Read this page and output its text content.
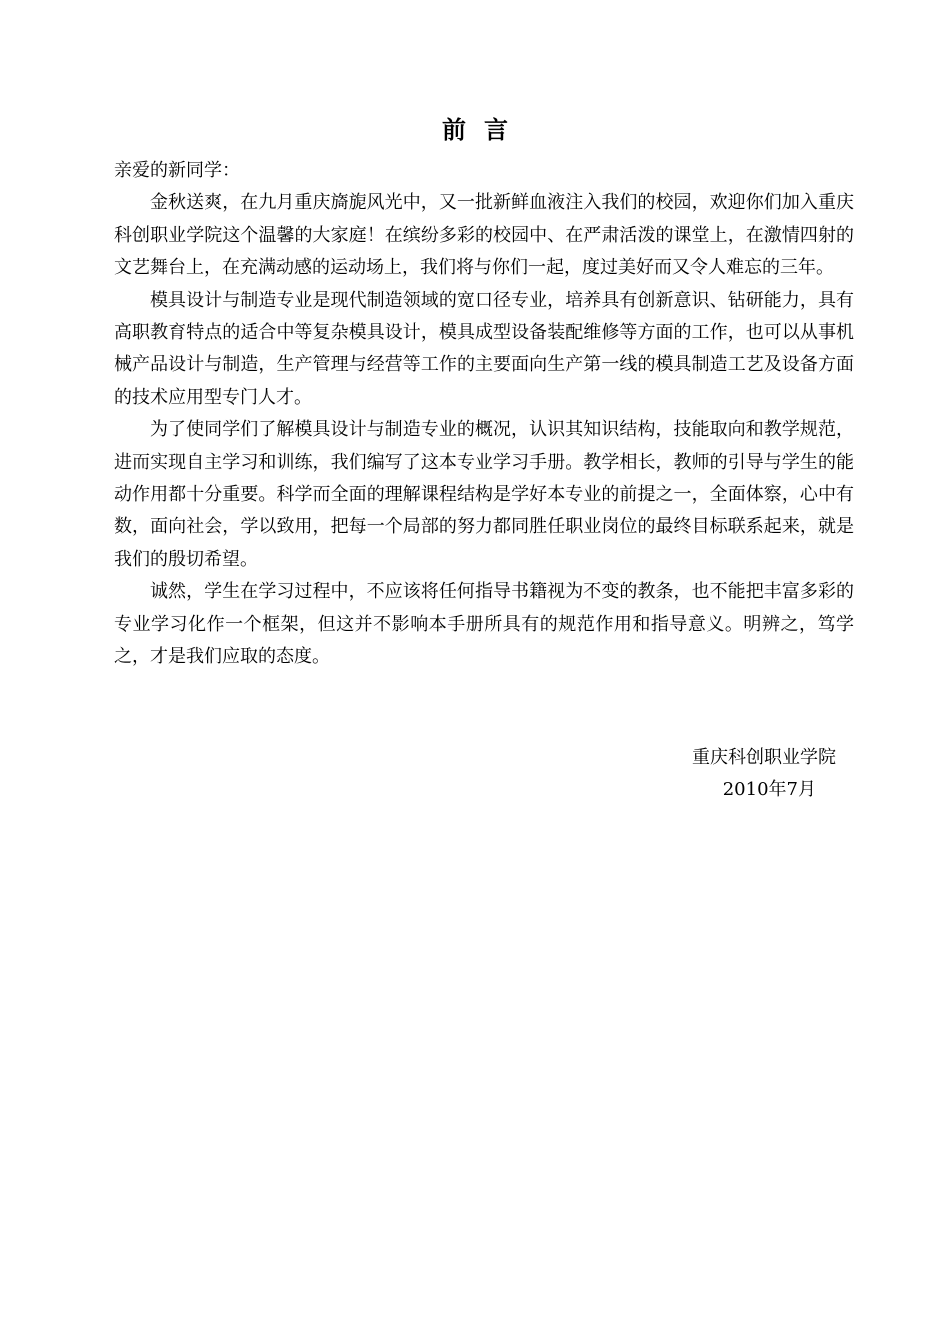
前言

亲爱的新同学：

金秋送爽，在九月重庆旖旎风光中，又一批新鲜血液注入我们的校园，欢迎你们加入重庆科创职业学院这个温馨的大家庭！在缤纷多彩的校园中、在严肃活泼的课堂上，在激情四射的文艺舞台上，在充满动感的运动场上，我们将与你们一起，度过美好而又令人难忘的三年。

模具设计与制造专业是现代制造领域的宽口径专业，培养具有创新意识、钻研能力，具有高职教育特点的适合中等复杂模具设计，模具成型设备装配维修等方面的工作，也可以从事机械产品设计与制造，生产管理与经营等工作的主要面向生产第一线的模具制造工艺及设备方面的技术应用型专门人才。

为了使同学们了解模具设计与制造专业的概况，认识其知识结构，技能取向和教学规范，进而实现自主学习和训练，我们编写了这本专业学习手册。教学相长，教师的引导与学生的能动作用都十分重要。科学而全面的理解课程结构是学好本专业的前提之一，全面体察，心中有数，面向社会，学以致用，把每一个局部的努力都同胜任职业岗位的最终目标联系起来，就是我们的殷切希望。

诚然，学生在学习过程中，不应该将任何指导书籍视为不变的教条，也不能把丰富多彩的专业学习化作一个框架，但这并不影响本手册所具有的规范作用和指导意义。明辨之，笃学之，才是我们应取的态度。

重庆科创职业学院
2010年7月
